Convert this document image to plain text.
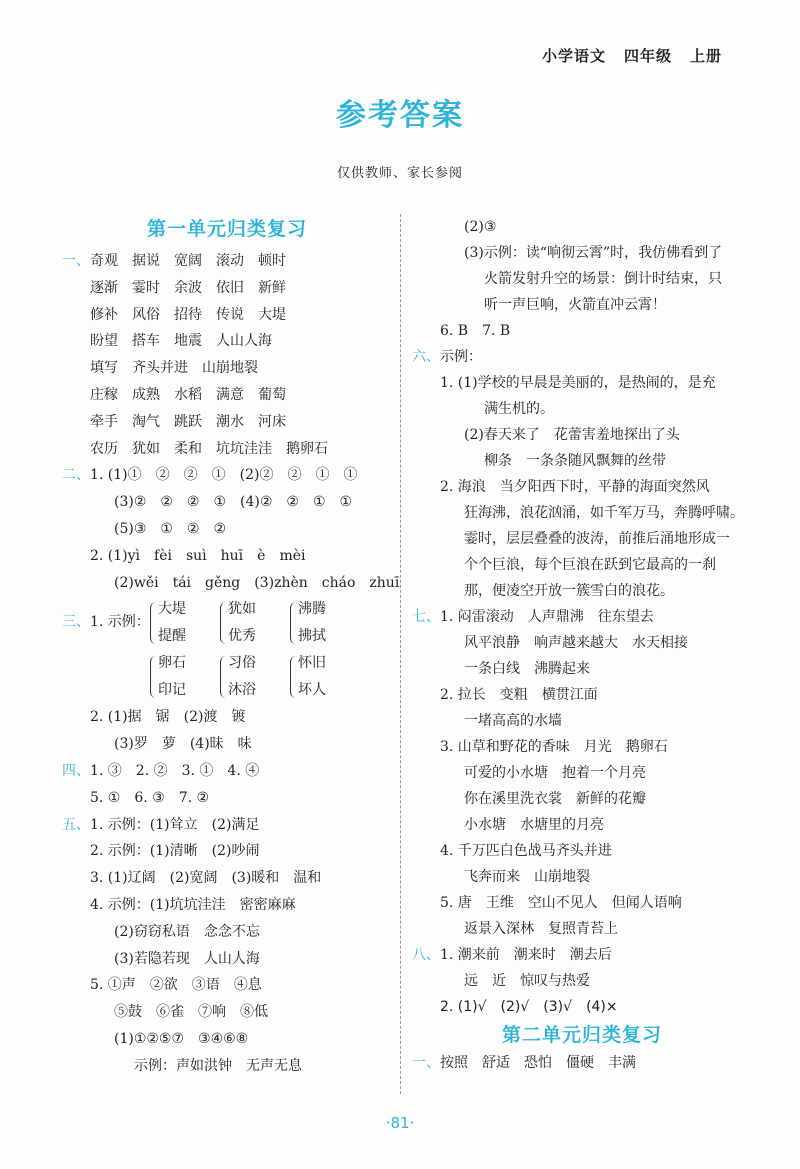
小学语文 四年级 上册
参考答案
仅供教师、家长参阅
第一单元归类复习
一、奇观　据说　宽阔　滚动　顿时
逐渐　霎时　余波　依旧　新鲜
修补　风俗　招待　传说　大堤
盼望　搭车　地震　人山人海
填写　齐头并进　山崩地裂
庄稼　成熟　水稻　满意　葡萄
牵手　淘气　跳跃　潮水　河床
农历　犹如　柔和　坑坑洼洼　鹅卵石
二、1. (1)①　②　②　①　(2)②　②　①　①
(3)②　②　②　①　(4)②　②　①　①
(5)③　①　②　②
2. (1)yì　fèi　suì　huī　è　mèi
(2)wěi　tái　gěng　(3)zhèn　cháo　zhuī
三、1. 示例：
大堤
提醒
犹如
优秀
沸腾
拂拭
卵石
印记
习俗
沐浴
怀旧
坏人
2. (1)据　锯　(2)渡　镀
(3)罗　萝　(4)昧　味
四、1. ③　2. ②　3. ①　4. ④
5. ①　6. ③　7. ②
五、1. 示例：(1)耸立　(2)满足
2. 示例：(1)清晰　(2)吵闹
3. (1)辽阔　(2)宽阔　(3)暖和　温和
4. 示例：(1)坑坑洼洼　密密麻麻
(2)窃窃私语　念念不忘
(3)若隐若现　人山人海
5. ①声　②欲　③语　④息
⑤鼓　⑥雀　⑦响　⑧低
(1)①②⑤⑦　③④⑥⑧
示例：声如洪钟　无声无息
(2)③
(3)示例：读“响彻云霄”时，我仿佛看到了
火箭发射升空的场景：倒计时结束，只
听一声巨响，火箭直冲云霄！
6. B　7. B
六、示例：
1. (1)学校的早晨是美丽的，是热闹的，是充
满生机的。
(2)春天来了　花蕾害羞地探出了头
柳条　一条条随风飘舞的丝带
2. 海浪　当夕阳西下时，平静的海面突然风
狂海沸，浪花汹涌，如千军万马，奔腾呼啸。
霎时，层层叠叠的波涛，前推后涌地形成一
个个巨浪，每个巨浪在跃到它最高的一刹
那，便凌空开放一簇雪白的浪花。
七、1. 闷雷滚动　人声鼎沸　往东望去
风平浪静　响声越来越大　水天相接
一条白线　沸腾起来
2. 拉长　变粗　横贯江面
一堵高高的水墙
3. 山草和野花的香味　月光　鹅卵石
可爱的小水塘　抱着一个月亮
你在溪里洗衣裳　新鲜的花瓣
小水塘　水塘里的月亮
4. 千万匹白色战马齐头并进
飞奔而来　山崩地裂
5. 唐　王维　空山不见人　但闻人语响
返景入深林　复照青苔上
八、1. 潮来前　潮来时　潮去后
远　近　惊叹与热爱
2. (1)√　(2)√　(3)√　(4)×
第二单元归类复习
一、按照　舒适　恐怕　僵硬　丰满
·81·
